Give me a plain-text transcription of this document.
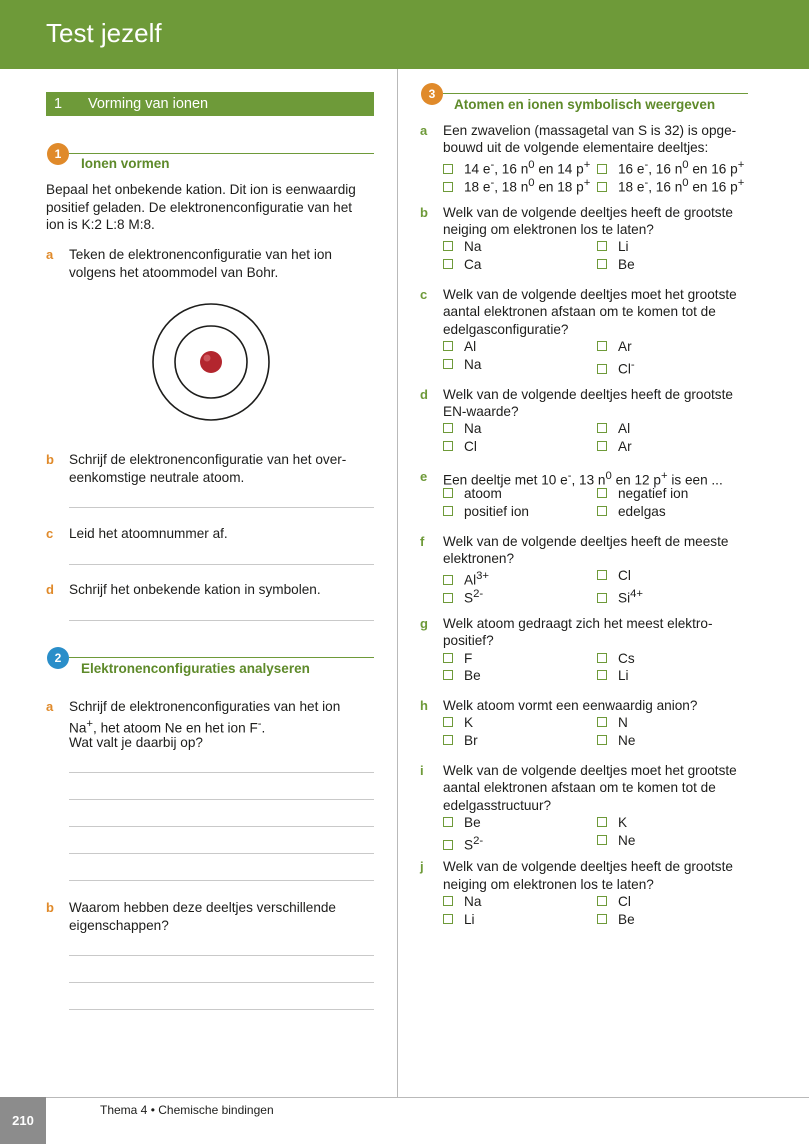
Test jezelf
1 Vorming van ionen
1
Ionen vormen
Bepaal het onbekende kation. Dit ion is eenwaardig
positief geladen. De elektronenconfiguratie van het
ion is K:2 L:8 M:8.
a Teken de elektronenconfiguratie van het ion
volgens het atoommodel van Bohr.
b Schrijf de elektronenconfiguratie van het over-
eenkomstige neutrale atoom.
c Leid het atoomnummer af.
d Schrijf het onbekende kation in symbolen.
2
Elektronenconfiguraties analyseren
a Schrijf de elektronenconfiguraties van het ion
Na+, het atoom Ne en het ion F-.
Wat valt je daarbij op?
b Waarom hebben deze deeltjes verschillende
eigenschappen?
3
Atomen en ionen symbolisch weergeven
a Een zwavelion (massagetal van S is 32) is opge-
bouwd uit de volgende elementaire deeltjes:
14 e-, 16 $n^0$ en 14 p+	16 e-, 16 $n^0$ en 16 p+
18 e-, 18 $n^0$ en 18 p+	18 e-, 16 $n^0$ en 16 p+
b Welk van de volgende deeltjes heeft de grootste
neiging om elektronen los te laten?
Na	Li
Ca	Be
c Welk van de volgende deeltjes moet het grootste
aantal elektronen afstaan om te komen tot de
edelgasconfiguratie?
Al	Ar
Na	Cl-
d Welk van de volgende deeltjes heeft de grootste
EN-waarde?
Na	Al
Cl	Ar
e Een deeltje met 10 e-, 13 $n^0$ en 12 p+ is een ...
atoom	negatief ion
positief ion	edelgas
f Welk van de volgende deeltjes heeft de meeste
elektronen?
$Al^{3+}$	Cl
$S^{2-}$	$Si^{4+}$
g Welk atoom gedraagt zich het meest elektro-
positief?
F	Cs
Be	Li
h Welk atoom vormt een eenwaardig anion?
K	N
Br	Ne
i Welk van de volgende deeltjes moet het grootste
aantal elektronen afstaan om te komen tot de
edelgasstructuur?
Be	K
$S^{2-}$	Ne
j Welk van de volgende deeltjes heeft de grootste
neiging om elektronen los te laten?
Na	Cl
Li	Be
210
Thema 4 • Chemische bindingen
